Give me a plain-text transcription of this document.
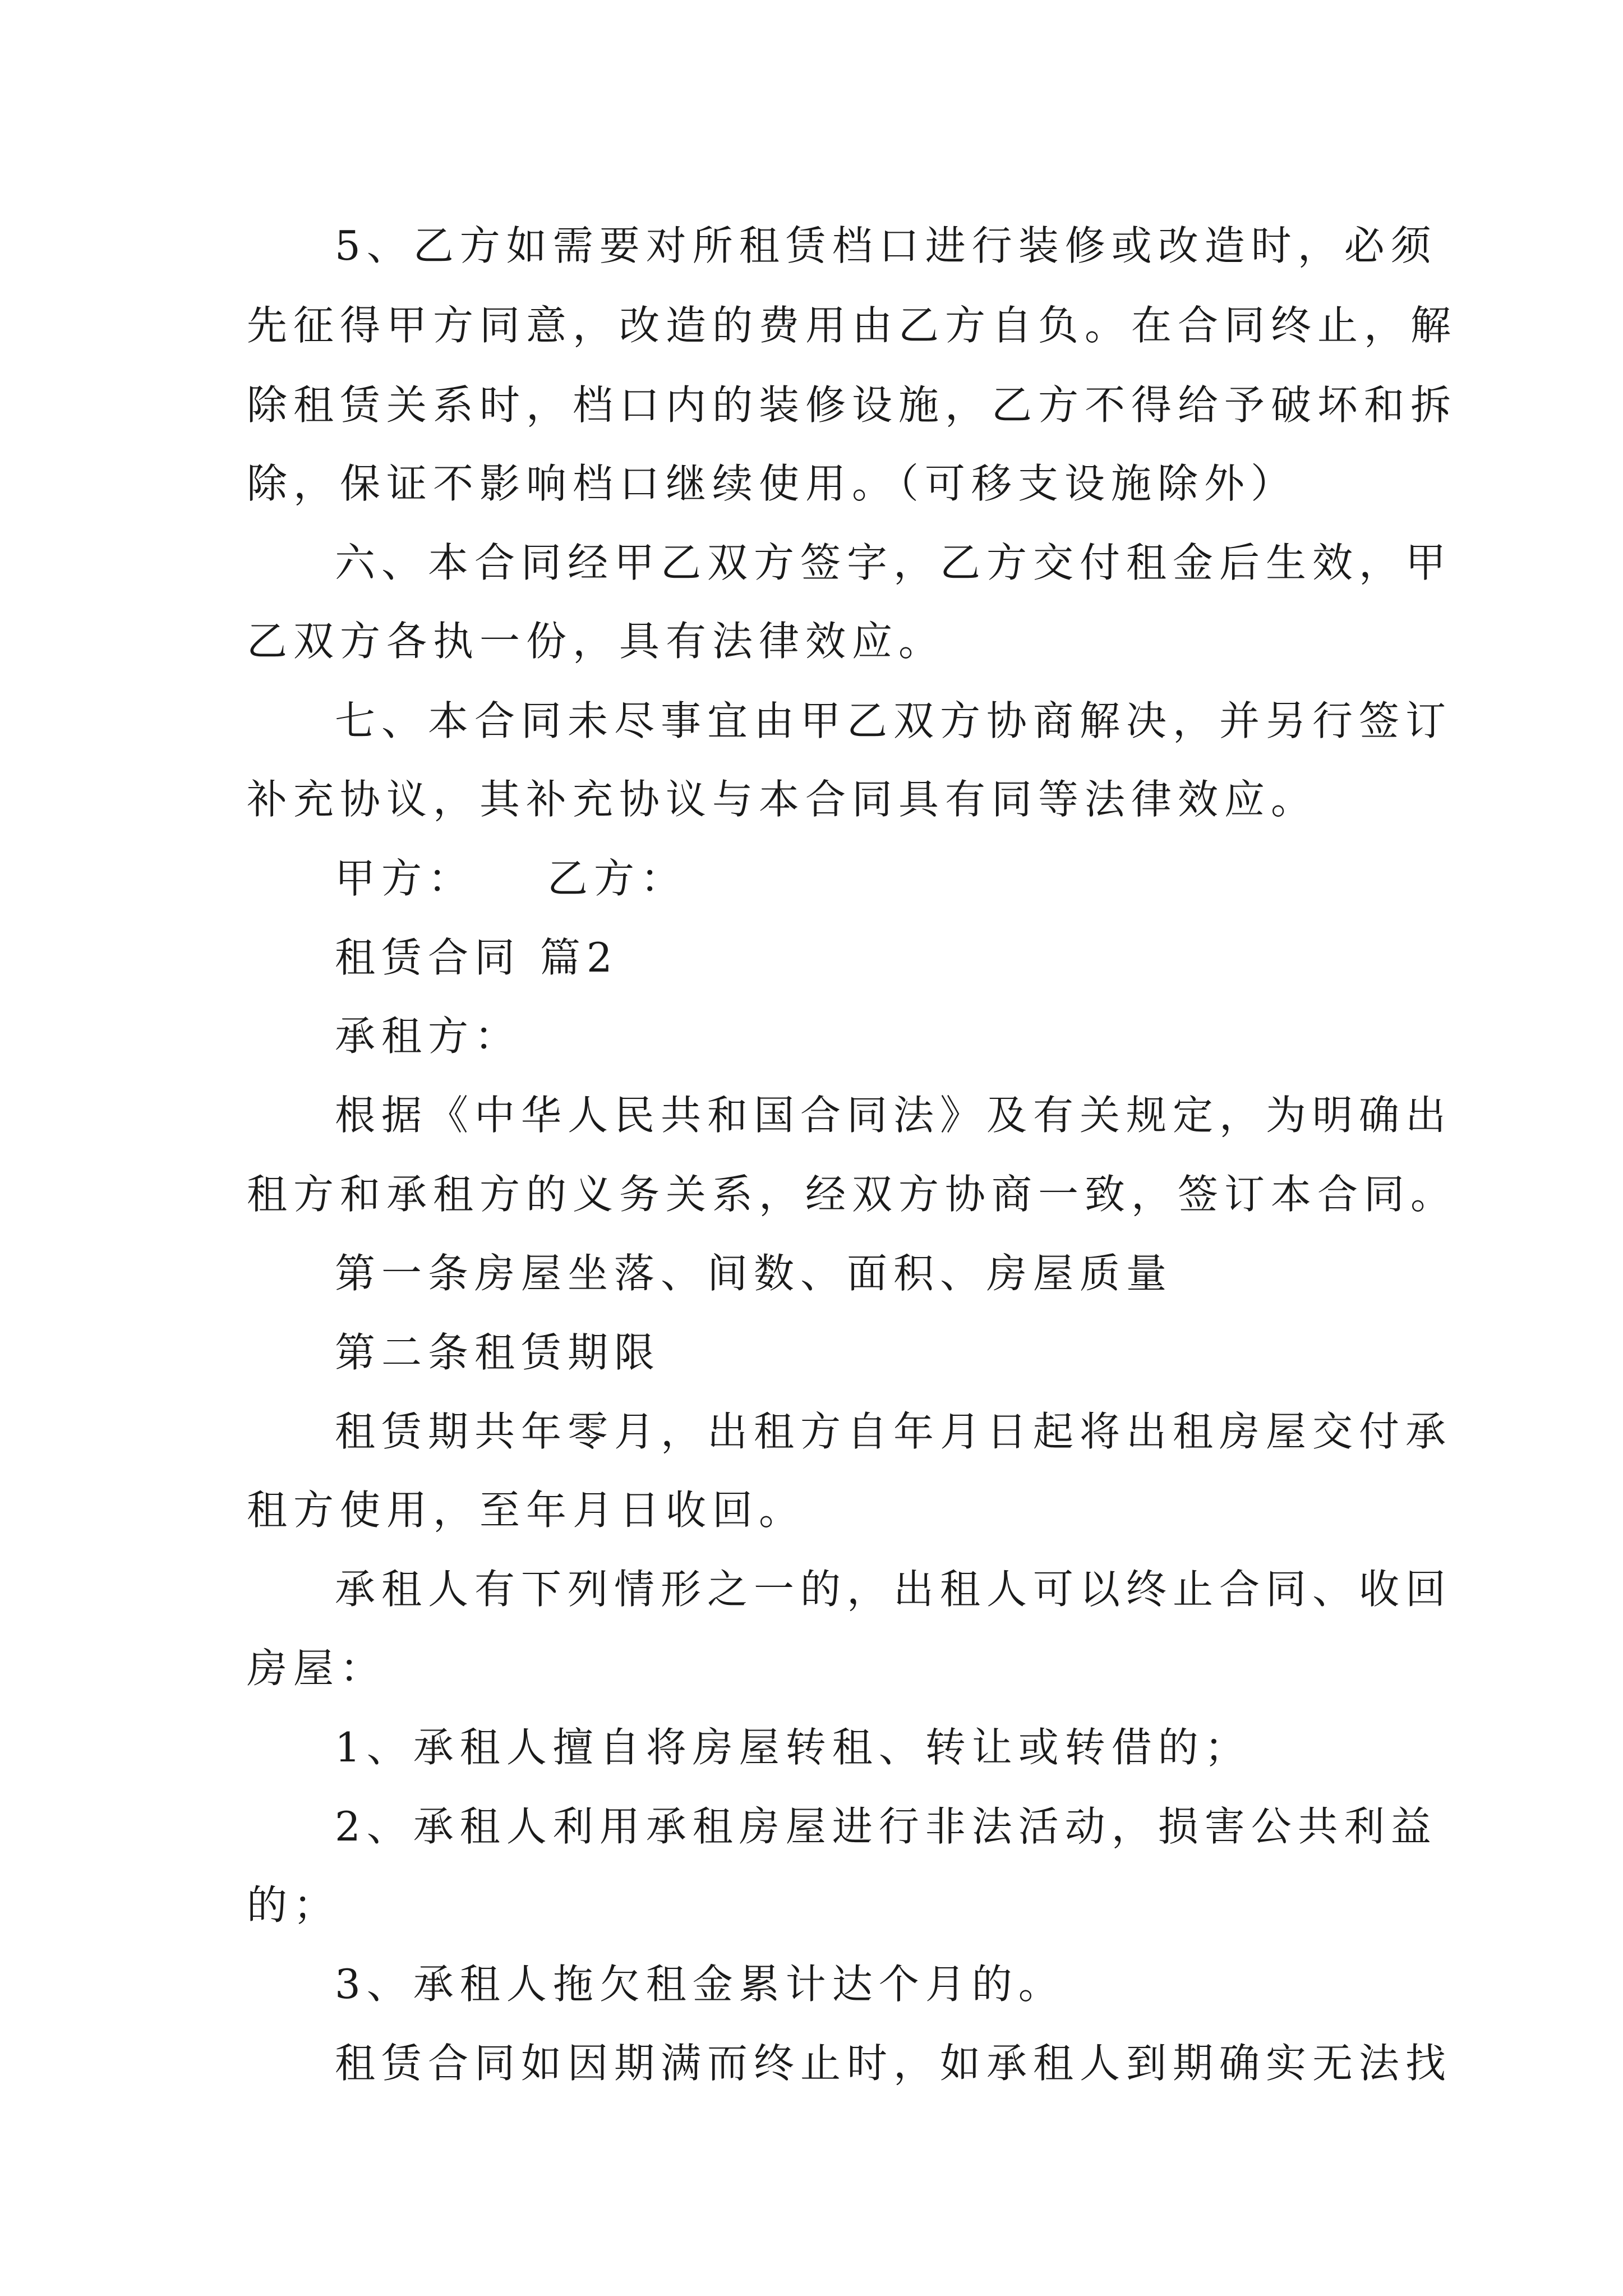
5、乙方如需要对所租赁档口进行装修或改造时，必须

先征得甲方同意，改造的费用由乙方自负。在合同终止，解

除租赁关系时，档口内的装修设施，乙方不得给予破坏和拆

除，保证不影响档口继续使用。（可移支设施除外）

六、本合同经甲乙双方签字，乙方交付租金后生效，甲

乙双方各执一份，具有法律效应。

七、本合同未尽事宜由甲乙双方协商解决，并另行签订

补充协议，其补充协议与本合同具有同等法律效应。

甲方：　　乙方：

租赁合同 篇2

承租方：

根据《中华人民共和国合同法》及有关规定，为明确出

租方和承租方的义务关系，经双方协商一致，签订本合同。

第一条房屋坐落、间数、面积、房屋质量

第二条租赁期限

租赁期共年零月，出租方自年月日起将出租房屋交付承

租方使用，至年月日收回。

承租人有下列情形之一的，出租人可以终止合同、收回

房屋：

1、承租人擅自将房屋转租、转让或转借的；

2、承租人利用承租房屋进行非法活动，损害公共利益

的；

3、承租人拖欠租金累计达个月的。

租赁合同如因期满而终止时，如承租人到期确实无法找
